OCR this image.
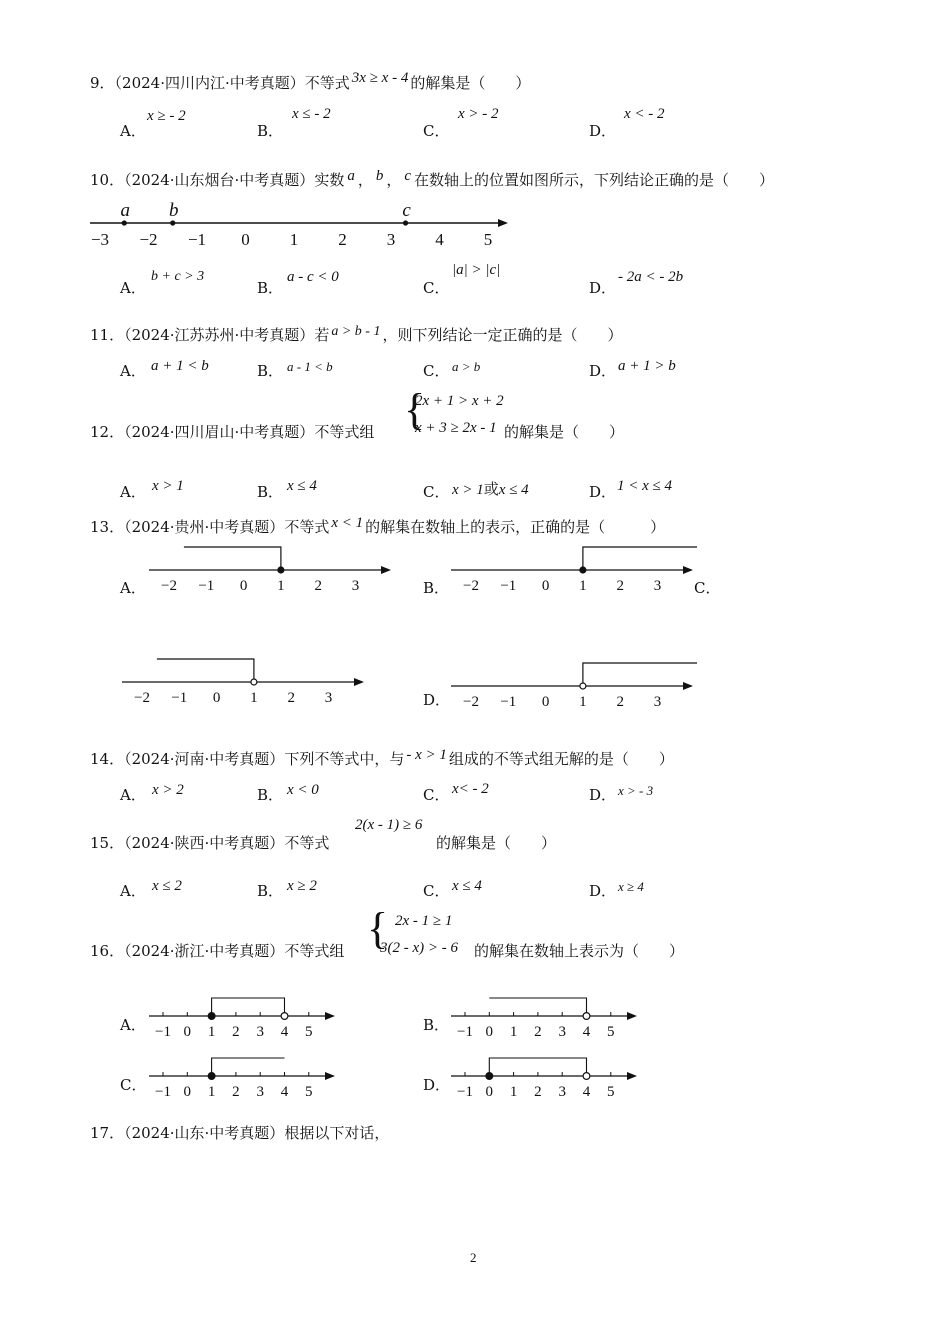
9．（2024·四川内江·中考真题）不等式 3x ≥ x - 4 的解集是（　　）
A．
x ≥ - 2
B．
x ≤ - 2
C．
x > - 2
D．
x < - 2
10．（2024·山东烟台·中考真题）实数 a ， b ， c 在数轴上的位置如图所示，下列结论正确的是（　　）
−3 −2 −1 0 1 2 3 4 5
a b	c
A．
b + c > 3
B．
a - c < 0
C．
|a| > |c|
D．
- 2a < - 2b
11．（2024·江苏苏州·中考真题）若 a > b - 1 ，则下列结论一定正确的是（　　）
A． a + 1 < b	B． a - 1 < b	C． a > b	D． a + 1 > b
12．（2024·四川眉山·中考真题）不等式组 {
2x + 1 > x + 2
x + 3 ≥ 2x - 1 的解集是（　　）
A． x > 1	B． x ≤ 4	C． x > 1或x ≤ 4	D． 1 < x ≤ 4
13．（2024·贵州·中考真题）不等式 x < 1 的解集在数轴上的表示，正确的是（　　　）
A． −2 −1 0 1 2 3	B． −2 −1 0 1 2 3 C．
−2 −1 0 1 2 3	D． −2 −1 0 1 2 3
14．（2024·河南·中考真题）下列不等式中，与 - x > 1 组成的不等式组无解的是（　　）
A． x > 2	B． x < 0	C． x< - 2	D． x > - 3
15．（2024·陕西·中考真题）不等式
2(x - 1) ≥ 6
的解集是（　　）
A． x ≤ 2	B． x ≥ 2	C． x ≤ 4	D． x ≥ 4
16．（2024·浙江·中考真题）不等式组 { 2x - 1 ≥ 1
3(2 - x) > - 6 的解集在数轴上表示为（　　）
A． −1 0 1 2 3 4 5	B． −1 0 1 2 3 4 5
C． −1 0 1 2 3 4 5	D． −1 0 1 2 3 4 5
17．（2024·山东·中考真题）根据以下对话，
2
